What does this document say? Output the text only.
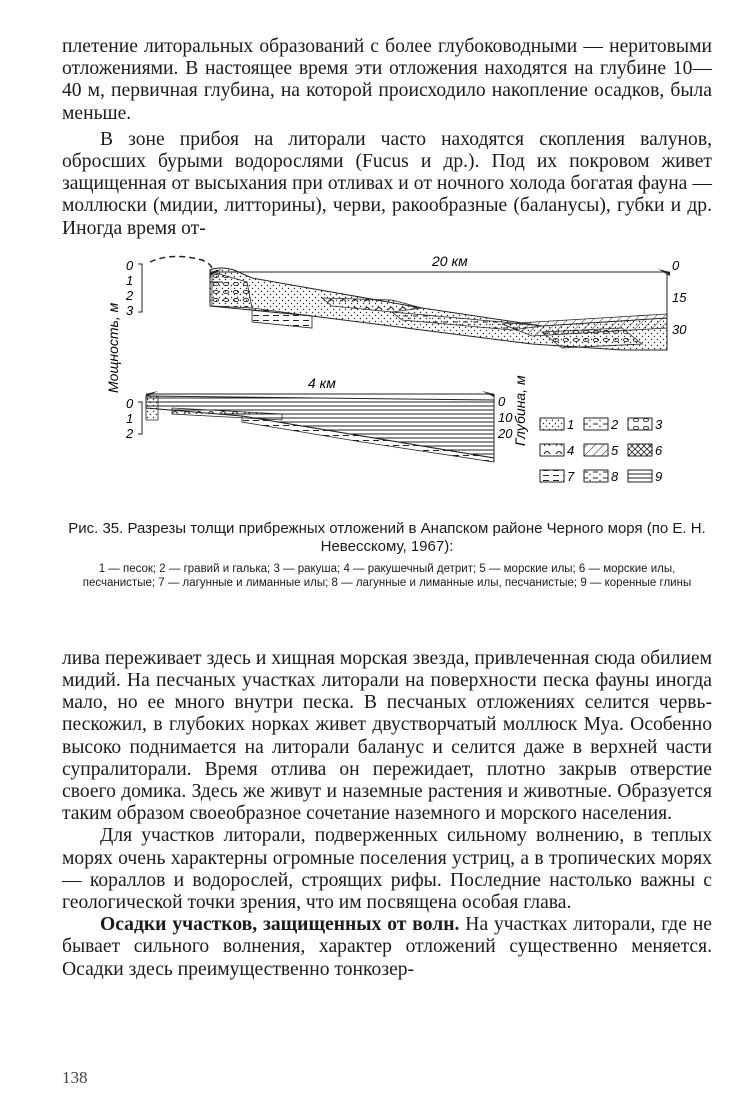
плетение литоральных образований с более глубоководными — неритовыми отложениями. В настоящее время эти отложения находятся на глубине 10—40 м, первичная глубина, на которой происходило накопление осадков, была меньше.

В зоне прибоя на литорали часто находятся скопления валунов, обросших бурыми водорослями (Fucus и др.). Под их покровом живет защищенная от высыхания при отливах и от ночного холода богатая фауна — моллюски (мидии, литторины), черви, ракообразные (баланусы), губки и др. Иногда время от-

20 км
0
1
2
3
0
15
30
Мощность, м	4 км
0
1
2
0
10
20 Глубина, м	1	2	3
4	5	6
7	8	9
Рис. 35. Разрезы толщи прибрежных отложений в Анапском районе Черного моря (по Е. Н. Невесскому, 1967):
1 — песок; 2 — гравий и галька; 3 — ракуша; 4 — ракушечный детрит; 5 — морские илы; 6 — морские илы, песчанистые; 7 — лагунные и лиманные илы; 8 — лагунные и лиманные илы, песчанистые; 9 — коренные глины

лива переживает здесь и хищная морская звезда, привлеченная сюда обилием мидий. На песчаных участках литорали на поверхности песка фауны иногда мало, но ее много внутри песка. В песчаных отложениях селится червь-пескожил, в глубоких норках живет двустворчатый моллюск Муа. Особенно высоко поднимается на литорали баланус и селится даже в верхней части супралиторали. Время отлива он пережидает, плотно закрыв отверстие своего домика. Здесь же живут и наземные растения и животные. Образуется таким образом своеобразное сочетание наземного и морского населения.

Для участков литорали, подверженных сильному волнению, в теплых морях очень характерны огромные поселения устриц, а в тропических морях — кораллов и водорослей, строящих рифы. Последние настолько важны с геологической точки зрения, что им посвящена особая глава.

Осадки участков, защищенных от волн. На участках литорали, где не бывает сильного волнения, характер отложений существенно меняется. Осадки здесь преимущественно тонкозер-

138
